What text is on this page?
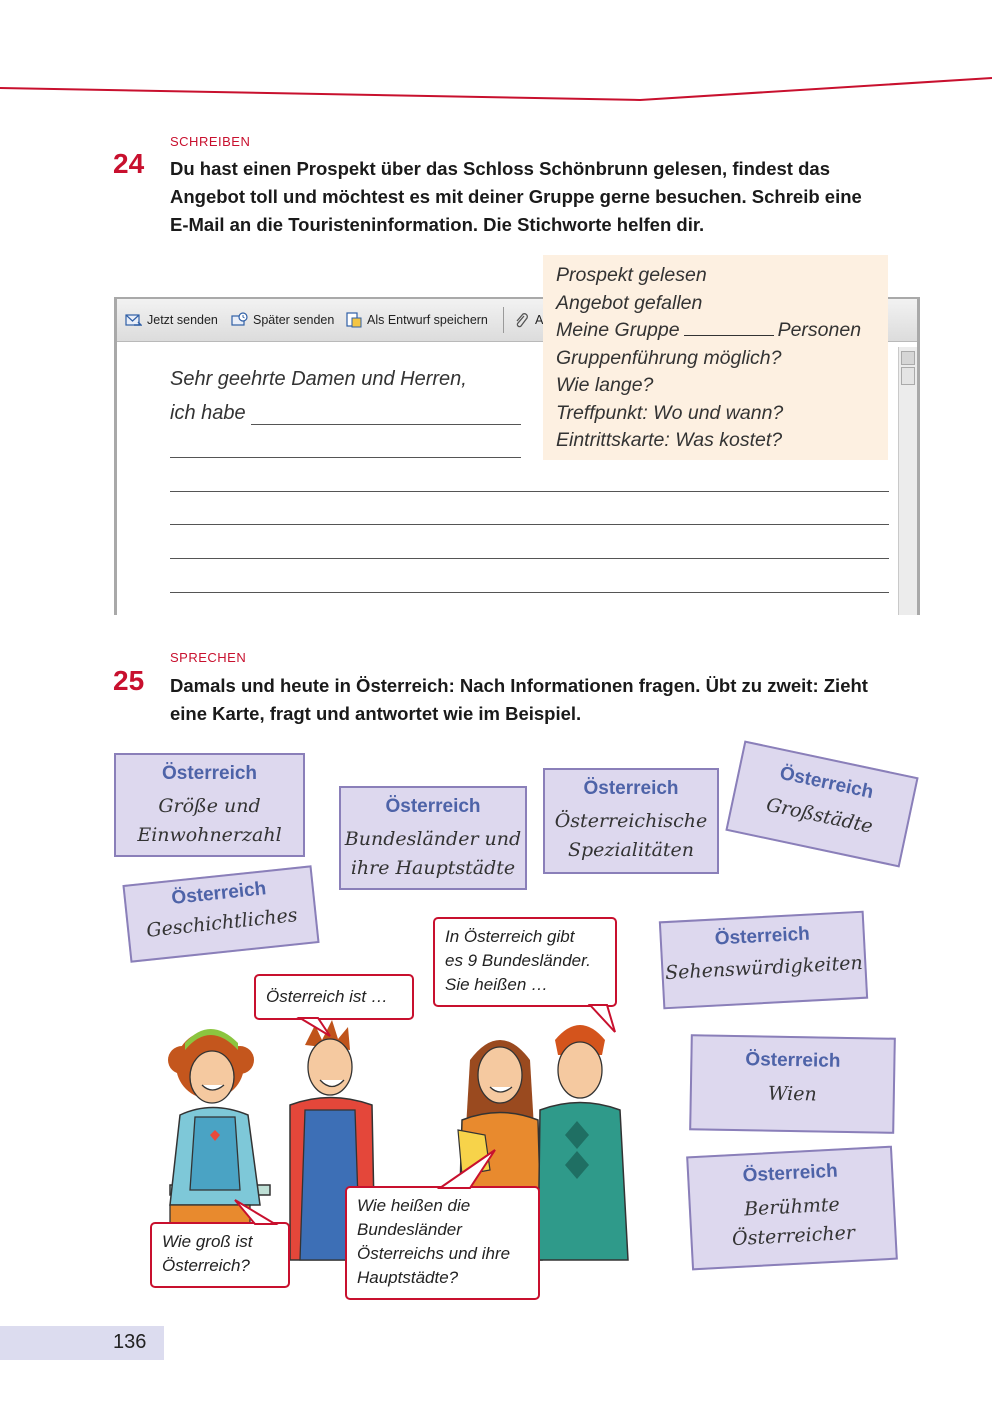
SCHREIBEN
24 Du hast einen Prospekt über das Schloss Schönbrunn gelesen, findest das
Angebot toll und möchtest es mit deiner Gruppe gerne besuchen. Schreib eine
E-Mail an die Touristeninformation. Die Stichworte helfen dir.
Jetzt senden	Später senden	Als Entwurf speichern	A
Sehr geehrte Damen und Herren,
ich habe
Prospekt gelesen
Angebot gefallen
Meine Gruppe	Personen
Gruppenführung möglich?
Wie lange?
Treffpunkt: Wo und wann?
Eintrittskarte: Was kostet?
SPRECHEN
25 Damals und heute in Österreich: Nach Informationen fragen. Übt zu zweit: Zieht
eine Karte, fragt und antwortet wie im Beispiel.
Österreich
Größe und
Einwohnerzahl
Österreich
Bundesländer und
ihre Hauptstädte
Österreich
Österreichische
Spezialitäten
Österreich
Großstädte
Österreich
Geschichtliches	Österreich
Sehenswürdigkeiten
Österreich
Wien
Österreich
Berühmte
Österreicher
Österreich ist …
In Österreich gibt
es 9 Bundesländer.
Sie heißen …
Wie groß ist
Österreich?
Wie heißen die
Bundesländer
Österreichs und ihre
Hauptstädte?
136
